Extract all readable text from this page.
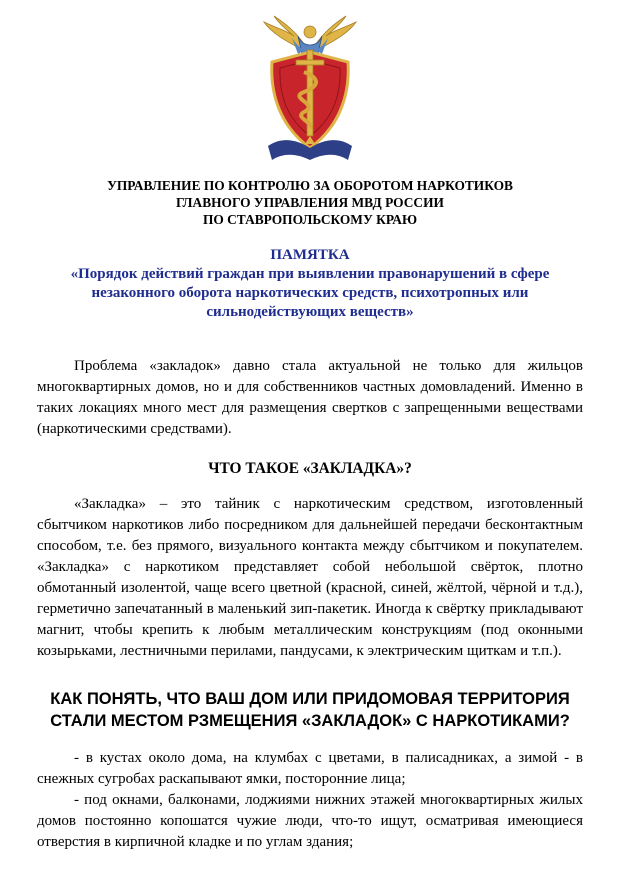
УПРАВЛЕНИЕ ПО КОНТРОЛЮ ЗА ОБОРОТОМ НАРКОТИКОВ
ГЛАВНОГО УПРАВЛЕНИЯ МВД РОССИИ
ПО СТАВРОПОЛЬСКОМУ КРАЮ
ПАМЯТКА
«Порядок действий граждан при выявлении правонарушений в сфере
незаконного оборота наркотических средств, психотропных или
сильнодействующих веществ»
Проблема «закладок» давно стала актуальной не только для жильцов многоквартирных домов, но и для собственников частных домовладений. Именно в таких локациях много мест для размещения свертков с запрещенными веществами (наркотическими средствами).
ЧТО ТАКОЕ «ЗАКЛАДКА»?
«Закладка» – это тайник с наркотическим средством, изготовленный сбытчиком наркотиков либо посредником для дальнейшей передачи бесконтактным способом, т.е. без прямого, визуального контакта между сбытчиком и покупателем. «Закладка» с наркотиком представляет собой небольшой свёрток, плотно обмотанный изолентой, чаще всего цветной (красной, синей, жёлтой, чёрной и т.д.), герметично запечатанный в маленький зип-пакетик. Иногда к свёртку прикладывают магнит, чтобы крепить к любым металлическим конструкциям (под оконными козырьками, лестничными перилами, пандусами, к электрическим щиткам и т.п.).
КАК ПОНЯТЬ, ЧТО ВАШ ДОМ ИЛИ ПРИДОМОВАЯ ТЕРРИТОРИЯ
СТАЛИ МЕСТОМ РЗМЕЩЕНИЯ «ЗАКЛАДОК» С НАРКОТИКАМИ?
- в кустах около дома, на клумбах с цветами, в палисадниках, а зимой - в снежных сугробах раскапывают ямки, посторонние лица;
- под окнами, балконами, лоджиями нижних этажей многоквартирных жилых домов постоянно копошатся чужие люди, что-то ищут, осматривая имеющиеся отверстия в кирпичной кладке и по углам здания;
